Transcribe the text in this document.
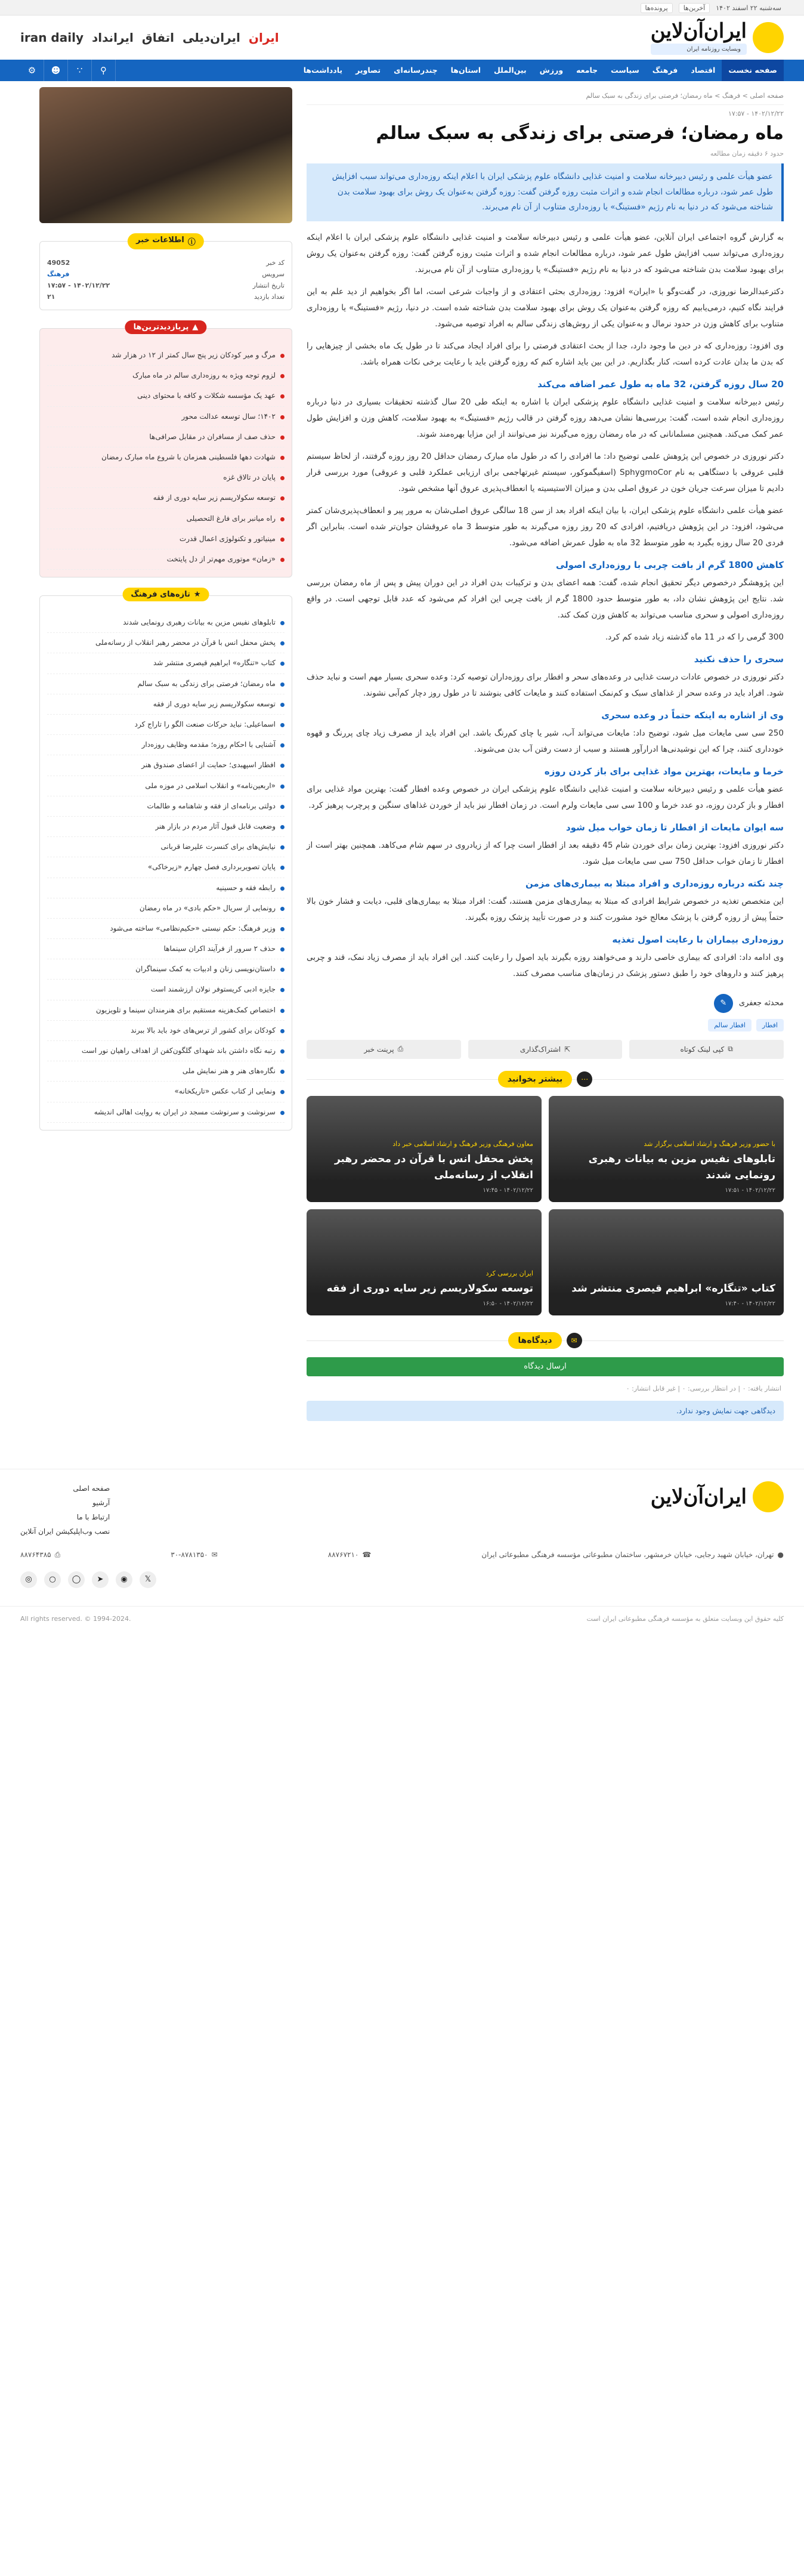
سه‌شنبه ۲۲ اسفند ۱۴۰۲
آخرین‌ها
پرونده‌ها
ایران‌آن‌لاین
وبسایت روزنامه ایران
ایران
ایران‌دیلی
اتفاق
ایرانداد
iran daily
صفحه نخست
اقتصاد
فرهنگ
سیاست
جامعه
ورزش
بین‌الملل
استان‌ها
چندرسانه‌ای
تصاویر
یادداشت‌ها
⚲
∵
☻
⚙
صفحه اصلی > فرهنگ > ماه رمضان؛ فرصتی برای زندگی به سبک سالم
۱۴۰۲/۱۲/۲۲ - ۱۷:۵۷
ماه رمضان؛ فرصتی برای زندگی به سبک سالم
حدود ۶ دقیقه زمان مطالعه
عضو هیأت علمی و رئیس دبیرخانه سلامت و امنیت غذایی دانشگاه علوم پزشکی ایران با اعلام اینکه روزه‌داری می‌تواند سبب افزایش طول عمر شود، درباره مطالعات انجام شده و اثرات مثبت روزه گرفتن گفت: روزه گرفتن به‌عنوان یک روش برای بهبود سلامت بدن شناخته می‌شود که در دنیا به نام رژیم «فستینگ» یا روزه‌داری متناوب از آن نام می‌برند.

به گزارش گروه اجتماعی ایران آنلاین، عضو هیأت علمی و رئیس دبیرخانه سلامت و امنیت غذایی دانشگاه علوم پزشکی ایران با اعلام اینکه روزه‌داری می‌تواند سبب افزایش طول عمر شود، درباره مطالعات انجام شده و اثرات مثبت روزه گرفتن گفت: روزه گرفتن به‌عنوان یک روش برای بهبود سلامت بدن شناخته می‌شود که در دنیا به نام رژیم «فستینگ» یا روزه‌داری متناوب از آن نام می‌برند.

دکترعبدالرضا نوروزی، در گفت‌وگو با «ایران» افزود: روزه‌داری بحثی اعتقادی و از واجبات شرعی است، اما اگر بخواهیم از دید علم به این فرایند نگاه کنیم، درمی‌یابیم که روزه گرفتن به‌عنوان یک روش برای بهبود سلامت بدن شناخته شده است. در دنیا، رژیم «فستینگ» یا روزه‌داری متناوب برای کاهش وزن در حدود نرمال و به‌عنوان یکی از روش‌های زندگی سالم به افراد توصیه می‌شود.

وی افزود: روزه‌داری که در دین ما وجود دارد، جدا از بحث اعتقادی فرصتی را برای افراد ایجاد می‌کند تا در طول یک ماه بخشی از چیزهایی را که بدن ما بدان عادت کرده است، کنار بگذاریم. در این بین باید اشاره کنم که روزه گرفتن باید با رعایت برخی نکات همراه باشد.

20 سال روزه گرفتن، 32 ماه به طول عمر اضافه می‌کند

رئیس دبیرخانه سلامت و امنیت غذایی دانشگاه علوم پزشکی ایران با اشاره به اینکه طی 20 سال گذشته تحقیقات بسیاری در دنیا درباره روزه‌داری انجام شده است، گفت: بررسی‌ها نشان می‌دهد روزه گرفتن در قالب رژیم «فستینگ» به بهبود سلامت، کاهش وزن و افزایش طول عمر کمک می‌کند. همچنین مسلمانانی که در ماه رمضان روزه می‌گیرند نیز می‌توانند از این مزایا بهره‌مند شوند.

دکتر نوروزی در خصوص این پژوهش علمی توضیح داد: ما افرادی را که در طول ماه مبارک رمضان حداقل 20 روز روزه گرفتند، از لحاظ سیستم قلبی عروقی با دستگاهی به نام SphygmoCor (اسفیگموکور، سیستم غیرتهاجمی برای ارزیابی عملکرد قلبی و عروقی) مورد بررسی قرار دادیم تا میزان سرعت جریان خون در عروق اصلی بدن و میزان الاستیسیته یا انعطاف‌پذیری عروق آنها مشخص شود.

عضو هیأت علمی دانشگاه علوم پزشکی ایران، با بیان اینکه افراد بعد از سن 18 سالگی عروق اصلی‌شان به مرور پیر و انعطاف‌پذیری‌شان کمتر می‌شود، افزود: در این پژوهش دریافتیم، افرادی که 20 روز روزه می‌گیرند به طور متوسط 3 ماه عروقشان جوان‌تر شده است. بنابراین اگر فردی 20 سال روزه بگیرد به طور متوسط 32 ماه به طول عمرش اضافه می‌شود.

کاهش 1800 گرم از بافت چربی با روزه‌داری اصولی

این پژوهشگر درخصوص دیگر تحقیق انجام شده، گفت: همه اعضای بدن و ترکیبات بدن افراد در این دوران پیش و پس از ماه رمضان بررسی شد. نتایج این پژوهش نشان داد، به طور متوسط حدود 1800 گرم از بافت چربی این افراد کم می‌شود که عدد قابل توجهی است. در واقع روزه‌داری اصولی و سحری مناسب می‌تواند به کاهش وزن کمک کند.

300 گرمی را که در 11 ماه گذشته زیاد شده کم کرد.

سحری را حذف نکنید

دکتر نوروزی در خصوص عادات درست غذایی در وعده‌های سحر و افطار برای روزه‌داران توصیه کرد: وعده سحری بسیار مهم است و نباید حذف شود. افراد باید در وعده سحر از غذاهای سبک و کم‌نمک استفاده کنند و مایعات کافی بنوشند تا در طول روز دچار کم‌آبی نشوند.

وی از اشاره به اینکه حتماً در وعده سحری

250 سی سی مایعات میل شود، توضیح داد: مایعات می‌تواند آب، شیر یا چای کم‌رنگ باشد. این افراد باید از مصرف زیاد چای پررنگ و قهوه خودداری کنند، چرا که این نوشیدنی‌ها ادرارآور هستند و سبب از دست رفتن آب بدن می‌شوند.

خرما و مایعات، بهترین مواد غذایی برای باز کردن روزه

عضو هیأت علمی و رئیس دبیرخانه سلامت و امنیت غذایی دانشگاه علوم پزشکی ایران در خصوص وعده افطار گفت: بهترین مواد غذایی برای افطار و باز کردن روزه، دو عدد خرما و 100 سی سی مایعات ولرم است. در زمان افطار نیز باید از خوردن غذاهای سنگین و پرچرب پرهیز کرد.

سه ایوان مایعات از افطار تا زمان خواب میل شود

دکتر نوروزی افزود: بهترین زمان برای خوردن شام 45 دقیقه بعد از افطار است چرا که از زیاد‌روی در سهم شام می‌کاهد. همچنین بهتر است از افطار تا زمان خواب حداقل 750 سی سی مایعات میل شود.

چند نکته درباره روزه‌داری و افراد مبتلا به بیماری‌های مزمن

این متخصص تغذیه در خصوص شرایط افرادی که مبتلا به بیماری‌های مزمن هستند، گفت: افراد مبتلا به بیماری‌های قلبی، دیابت و فشار خون بالا حتماً پیش از روزه گرفتن با پزشک معالج خود مشورت کنند و در صورت تأیید پزشک روزه بگیرند.

روزه‌داری بیماران با رعایت اصول تغذیه

وی ادامه داد: افرادی که بیماری خاصی دارند و می‌خواهند روزه بگیرند باید اصول را رعایت کنند. این افراد باید از مصرف زیاد نمک، قند و چربی پرهیز کنند و داروهای خود را طبق دستور پزشک در زمان‌های مناسب مصرف کنند.

✎	محدثه جعفری
افطار
افطار سالم
⧉
کپی لینک کوتاه
⇱
اشتراک‌گذاری
⎙
پرینت خبر
⋯
بیشتر بخوانید
با حضور وزیر فرهنگ و ارشاد اسلامی برگزار شد
تابلوهای نفیس مزین به بیانات رهبری رونمایی شدند
۱۴۰۲/۱۲/۲۲ - ۱۷:۵۱
معاون فرهنگی وزیر فرهنگ و ارشاد اسلامی خبر داد
پخش محفل انس با قرآن در محضر رهبر انقلاب از رسانه‌ملی
۱۴۰۲/۱۲/۲۲ - ۱۷:۴۵
کتاب «تنگاره» ابراهیم قیصری منتشر شد
۱۴۰۲/۱۲/۲۲ - ۱۷:۴۰
ایران بررسی کرد
توسعه سکولاریسم زیر سایه دوری از فقه
۱۴۰۲/۱۲/۲۲ - ۱۶:۵۰
✉
دیدگاه‌ها
ارسال دیدگاه
انتشار یافته: ۰ | در انتظار بررسی: ۰ | غیر قابل انتشار: ۰
دیدگاهی جهت نمایش وجود ندارد.
ⓘ
اطلاعات خبر
کد خبر
49052
سرویس
فرهنگ
تاریخ انتشار
۱۴۰۲/۱۲/۲۲ - ۱۷:۵۷
تعداد بازدید
۲۱
▲
پربازدیدترین‌ها
مرگ و میر کودکان زیر پنج سال کمتر از ۱۲ در هزار شد
لزوم توجه ویژه به روزه‌داری سالم در ماه مبارک
عهد یک مؤسسه شکلات و کافه با محتوای دینی
۱۴۰۲؛ سال توسعه عدالت محور
حذف صف از مسافران در مقابل صرافی‌ها
شهادت دهها فلسطینی همزمان با شروع ماه مبارک رمضان
پایان در تالاق غزه
توسعه سکولاریسم زیر سایه دوری از فقه
راه میانبر برای فارغ التحصیلی
مینیاتور و تکنولوژی اعمال قدرت
«زمان» موتوری مهم‌تر از دل پایتخت
★
تازه‌های فرهنگ
تابلوهای نفیس مزین به بیانات رهبری رونمایی شدند
پخش محفل انس با قرآن در محضر رهبر انقلاب از رسانه‌ملی
کتاب «تنگاره» ابراهیم قیصری منتشر شد
ماه رمضان؛ فرصتی برای زندگی به سبک سالم
توسعه سکولاریسم زیر سایه دوری از فقه
اسماعیلی: نباید حرکات صنعت الگو را تاراج کرد
آشنایی با احکام روزه؛ مقدمه وظایف روزه‌دار
افطار اسپهبدی؛ حمایت از اعضای صندوق هنر
«اربعین‌نامه» و انقلاب اسلامی در موزه ملی
دولتی برنامه‌ای از فقه و شاهنامه و طالمات
وضعیت قابل قبول آثار مردم در بازار هنر
نیایش‌های برای کنسرت علیرضا قربانی
پایان تصویربرداری فصل چهارم «زیرخاکی»
رابطه فقه و حسینیه
رونمایی از سریال «حکم بادی» در ماه رمضان
وزیر فرهنگ: حکم نیستی «حکیم‌نظامی» ساخته می‌شود
حذف ۲ سرور از فرآیند اکران سینماها
داستان‌نویسی زنان و ادبیات به کمک سینماگران
جایزه ادبی کریستوفر نولان ارزشمند است
اختصاص کمک‌هزینه مستقیم برای هنرمندان سینما و تلویزیون
کودکان برای کشور از ترس‌های خود باید بالا ببرند
رتبه نگاه داشتن باند شهدای گلگون‌کفن از اهداف راهیان نور است
نگاره‌های هنر و هنر نمایش ملی
ونمایی از کتاب عکس «تاریکخانه»
سرنوشت و سرنوشت مسجد در ایران به روایت اهالی اندیشه
ایران‌آن‌لاین
صفحه اصلی
آرشیو
ارتباط با ما
نصب وب‌اپلیکیشن ایران آنلاین
●
تهران، خیابان شهید رجایی، خیابان خرمشهر، ساختمان مطبوعاتی مؤسسه فرهنگی مطبوعاتی ایران
☎
۸۸۷۶۷۲۱۰
✉
۳۰-۸۷۸۱۳۵۰
⎙
۸۸۷۶۴۳۸۵
𝕏
◉
➤
◯
○
◎
کلیه حقوق این وبسایت متعلق به مؤسسه فرهنگی مطبوعاتی ایران است
All rights reserved. © 1994-2024.
